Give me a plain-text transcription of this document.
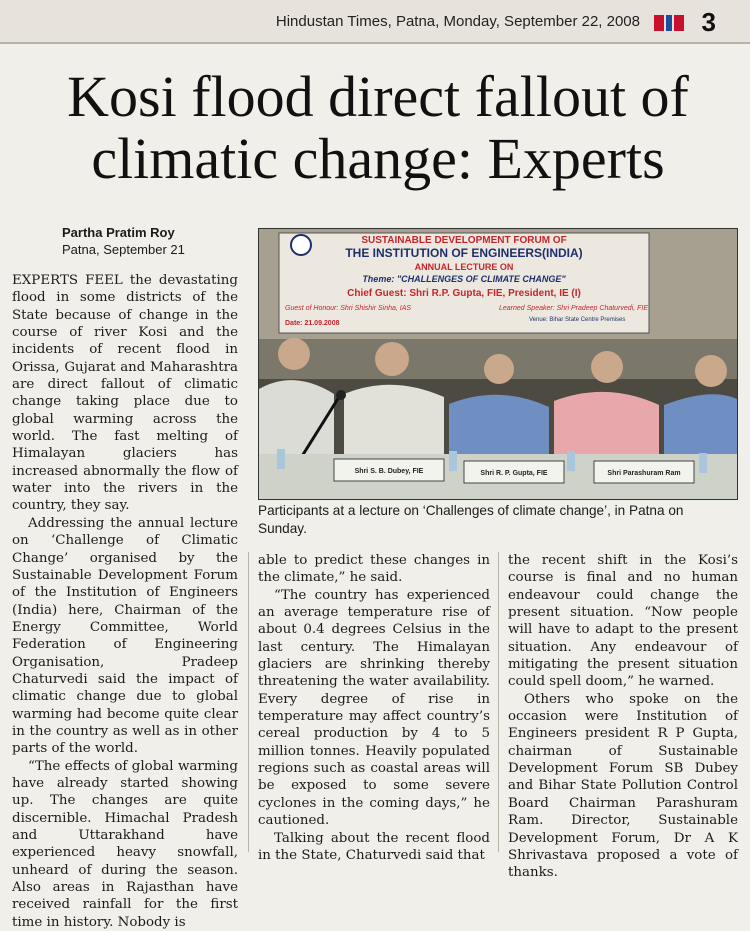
Hindustan Times, Patna, Monday, September 22, 2008 3

Kosi flood direct fallout of
climatic change: Experts
Partha Pratim Roy
Patna, September 21

EXPERTS FEEL the devastating flood in some districts of the State because of change in the course of river Kosi and the incidents of recent flood in Orissa, Gujarat and Maharashtra are direct fallout of climatic change taking place due to global warming across the world. The fast melting of Himalayan glaciers has increased abnormally the flow of water into the rivers in the country, they say.

Addressing the annual lecture on ‘Challenge of Climatic Change’ organised by the Sustainable Development Forum of the Institution of Engineers (India) here, Chairman of the Energy Committee, World Federation of Engineering Organisation, Pradeep Chaturvedi said the impact of climatic change due to global warming had become quite clear in the country as well as in other parts of the world.

“The effects of global warming have already started showing up. The changes are quite discernible. Himachal Pradesh and Uttarakhand have experienced heavy snowfall, unheard of during the season. Also areas in Rajasthan have received rainfall for the first time in history. Nobody is

SUSTAINABLE DEVELOPMENT FORUM OF
THE INSTITUTION OF ENGINEERS(INDIA)
ANNUAL LECTURE ON
Theme: "CHALLENGES OF CLIMATE CHANGE"
Chief Guest: Shri R.P. Gupta, FIE, President, IE (I)
Guest of Honour: Shri Shishir Sinha, IAS	Learned Speaker: Shri Pradeep Chaturvedi, FIE
Venue: Bihar State Centre Premises
Date: 21.09.2008
Shri S. B. Dubey, FIE	Shri R. P. Gupta, FIE	Shri Parashuram Ram
Participants at a lecture on ‘Challenges of climate change’, in Patna on Sunday.

able to predict these changes in the climate,” he said.

“The country has experienced an average temperature rise of about 0.4 degrees Celsius in the last century. The Himalayan glaciers are shrinking thereby threatening the water availability. Every degree of rise in temperature may affect country’s cereal production by 4 to 5 million tonnes. Heavily populated regions such as coastal areas will be exposed to some severe cyclones in the coming days,” he cautioned.

Talking about the recent flood in the State, Chaturvedi said that

the recent shift in the Kosi’s course is final and no human endeavour could change the present situation. “Now people will have to adapt to the present situation. Any endeavour of mitigating the present situation could spell doom,” he warned.

Others who spoke on the occasion were Institution of Engineers president R P Gupta, chairman of Sustainable Development Forum SB Dubey and Bihar State Pollution Control Board Chairman Parashuram Ram. Director, Sustainable Development Forum, Dr A K Shrivastava proposed a vote of thanks.
